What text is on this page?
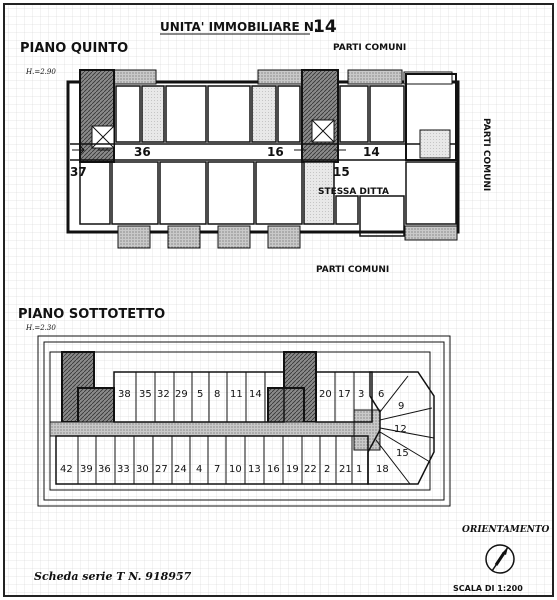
UNITA' IMMOBILIARE N.
14
PIANO QUINTO
H.=2.90
PARTI COMUNI
36	16	14
37	15
STESSA DITTA
PARTI COMUNI
PARTI COMUNI
PIANO SOTTOTETTO
H.=2.30
38 35 32 29 5 8 11 14	20 17 3
42 39 36 33 30 27 24 4 7 10 13 16 19 22 2 21 1
6
9
12
15
18
ORIENTAMENTO
SCALA DI 1:200
Scheda serie T N. 918957
